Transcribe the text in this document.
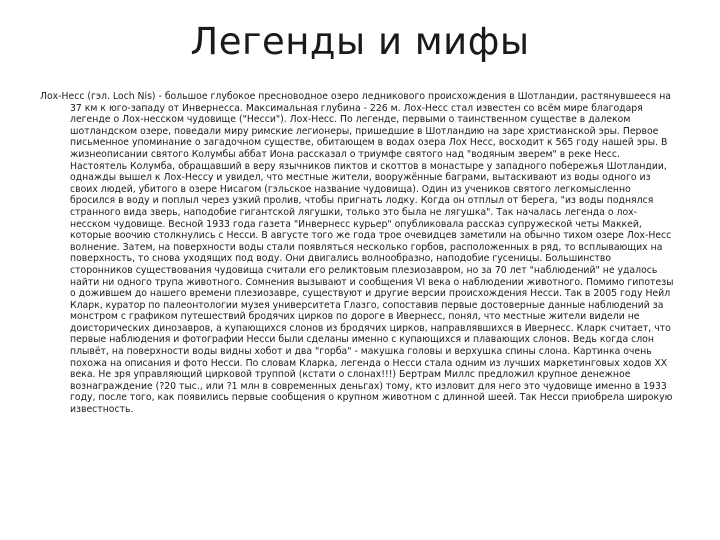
Легенды и мифы
Лох-Несс (гэл. Loch Nis) - большое глубокое пресноводное озеро ледникового происхождения в Шотландии, растянувшееся на 37 км к юго-западу от Инвернесса. Максимальная глубина - 226 м. Лох-Несс стал известен со всём мире благодаря легенде о Лох-несском чудовище ("Несси"). Лох-Несс. По легенде, первыми о таинственном существе в далеком шотландском озере, поведали миру римские легионеры, пришедшие в Шотландию на заре христианской эры. Первое письменное упоминание о загадочном существе, обитающем в водах озера Лох Несс, восходит к 565 году нашей эры. В жизнеописании святого Колумбы аббат Иона рассказал о триумфе святого над "водяным зверем" в реке Несс. Настоятель Колумба, обращавший в веру язычников пиктов и скоттов в монастыре у западного побережья Шотландии, однажды вышел к Лох-Нессу и увидел, что местные жители, вооружённые баграми, вытаскивают из воды одного из своих людей, убитого в озере Нисагом (гэльское название чудовища). Один из учеников святого легкомысленно бросился в воду и поплыл через узкий пролив, чтобы пригнать лодку. Когда он отплыл от берега, "из воды поднялся странного вида зверь, наподобие гигантской лягушки, только это была не лягушка". Так началась легенда о лох-несском чудовище. Весной 1933 года газета "Инвернесс курьер" опубликовала рассказ супружеской четы Маккей, которые воочию столкнулись с Несси. В августе того же года трое очевидцев заметили на обычно тихом озере Лох-Несс волнение. Затем, на поверхности воды стали появляться несколько горбов, расположенных в ряд, то всплывающих на поверхность, то снова уходящих под воду. Они двигались волнообразно, наподобие гусеницы. Большинство сторонников существования чудовища считали его реликтовым плезиозавром, но за 70 лет "наблюдений" не удалось найти ни одного трупа животного. Сомнения вызывают и сообщения VI века о наблюдении животного. Помимо гипотезы о дожившем до нашего времени плезиозавре, существуют и другие версии происхождения Несси. Так в 2005 году Нейл Кларк, куратор по палеонтологии музея университета Глазго, сопоставив первые достоверные данные наблюдений за монстром с графиком путешествий бродячих цирков по дороге в Ивернесс, понял, что местные жители видели не доисторических динозавров, а купающихся слонов из бродячих цирков, направлявшихся в Ивернесс. Кларк считает, что первые наблюдения и фотографии Несси были сделаны именно с купающихся и плавающих слонов. Ведь когда слон плывёт, на поверхности воды видны хобот и два "горба" - макушка головы и верхушка спины слона. Картинка очень похожа на описания и фото Несси. По словам Кларка, легенда о Несси стала одним из лучших маркетинговых ходов XX века. Не зря управляющий цирковой труппой (кстати о слонах!!!) Бертрам Миллс предложил крупное денежное вознаграждение (?20 тыс., или ?1 млн в современных деньгах) тому, кто изловит для него это чудовище именно в 1933 году, после того, как появились первые сообщения о крупном животном с длинной шеей. Так Несси приобрела широкую известность.
